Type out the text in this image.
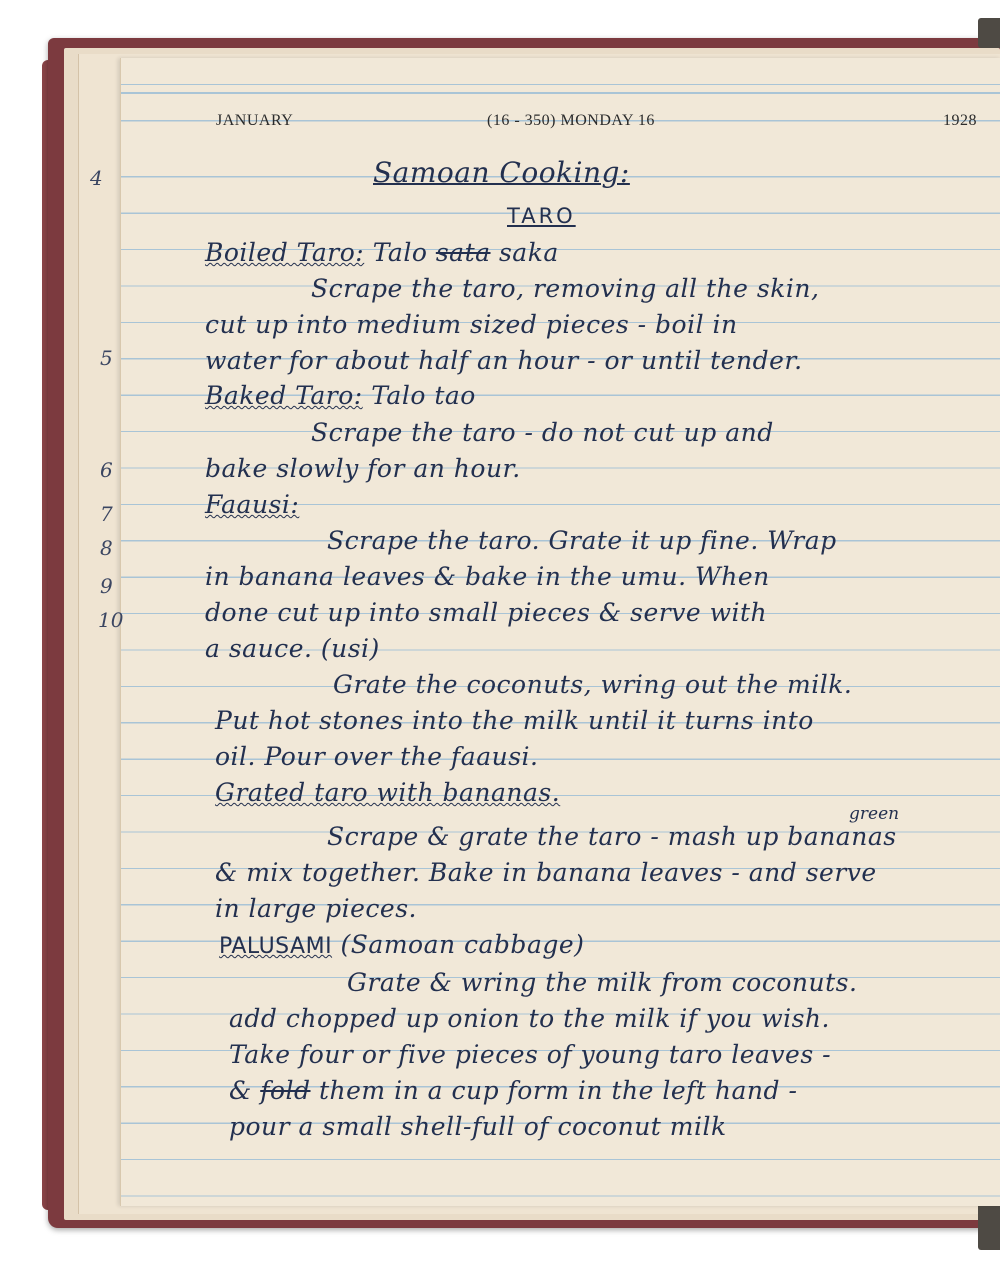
JANUARY	(16 - 350) MONDAY 16	1928
Samoan Cooking:
TARO
Boiled Taro: Talo sata saka
Scrape the taro, removing all the skin,
cut up into medium sized pieces - boil in
water for about half an hour - or until tender.
Baked Taro: Talo tao
Scrape the taro - do not cut up and
bake slowly for an hour.
Faausi:
Scrape the taro. Grate it up fine. Wrap
in banana leaves & bake in the umu. When
done cut up into small pieces & serve with
a sauce. (usi)
Grate the coconuts, wring out the milk.
Put hot stones into the milk until it turns into
oil. Pour over the faausi.
Grated taro with bananas.
green
Scrape & grate the taro - mash up bananas
& mix together. Bake in banana leaves - and serve
in large pieces.
PALUSAMI (Samoan cabbage)
Grate & wring the milk from coconuts.
add chopped up onion to the milk if you wish.
Take four or five pieces of young taro leaves -
& fold them in a cup form in the left hand -
pour a small shell-full of coconut milk
4
5
6
7
8
9
10
